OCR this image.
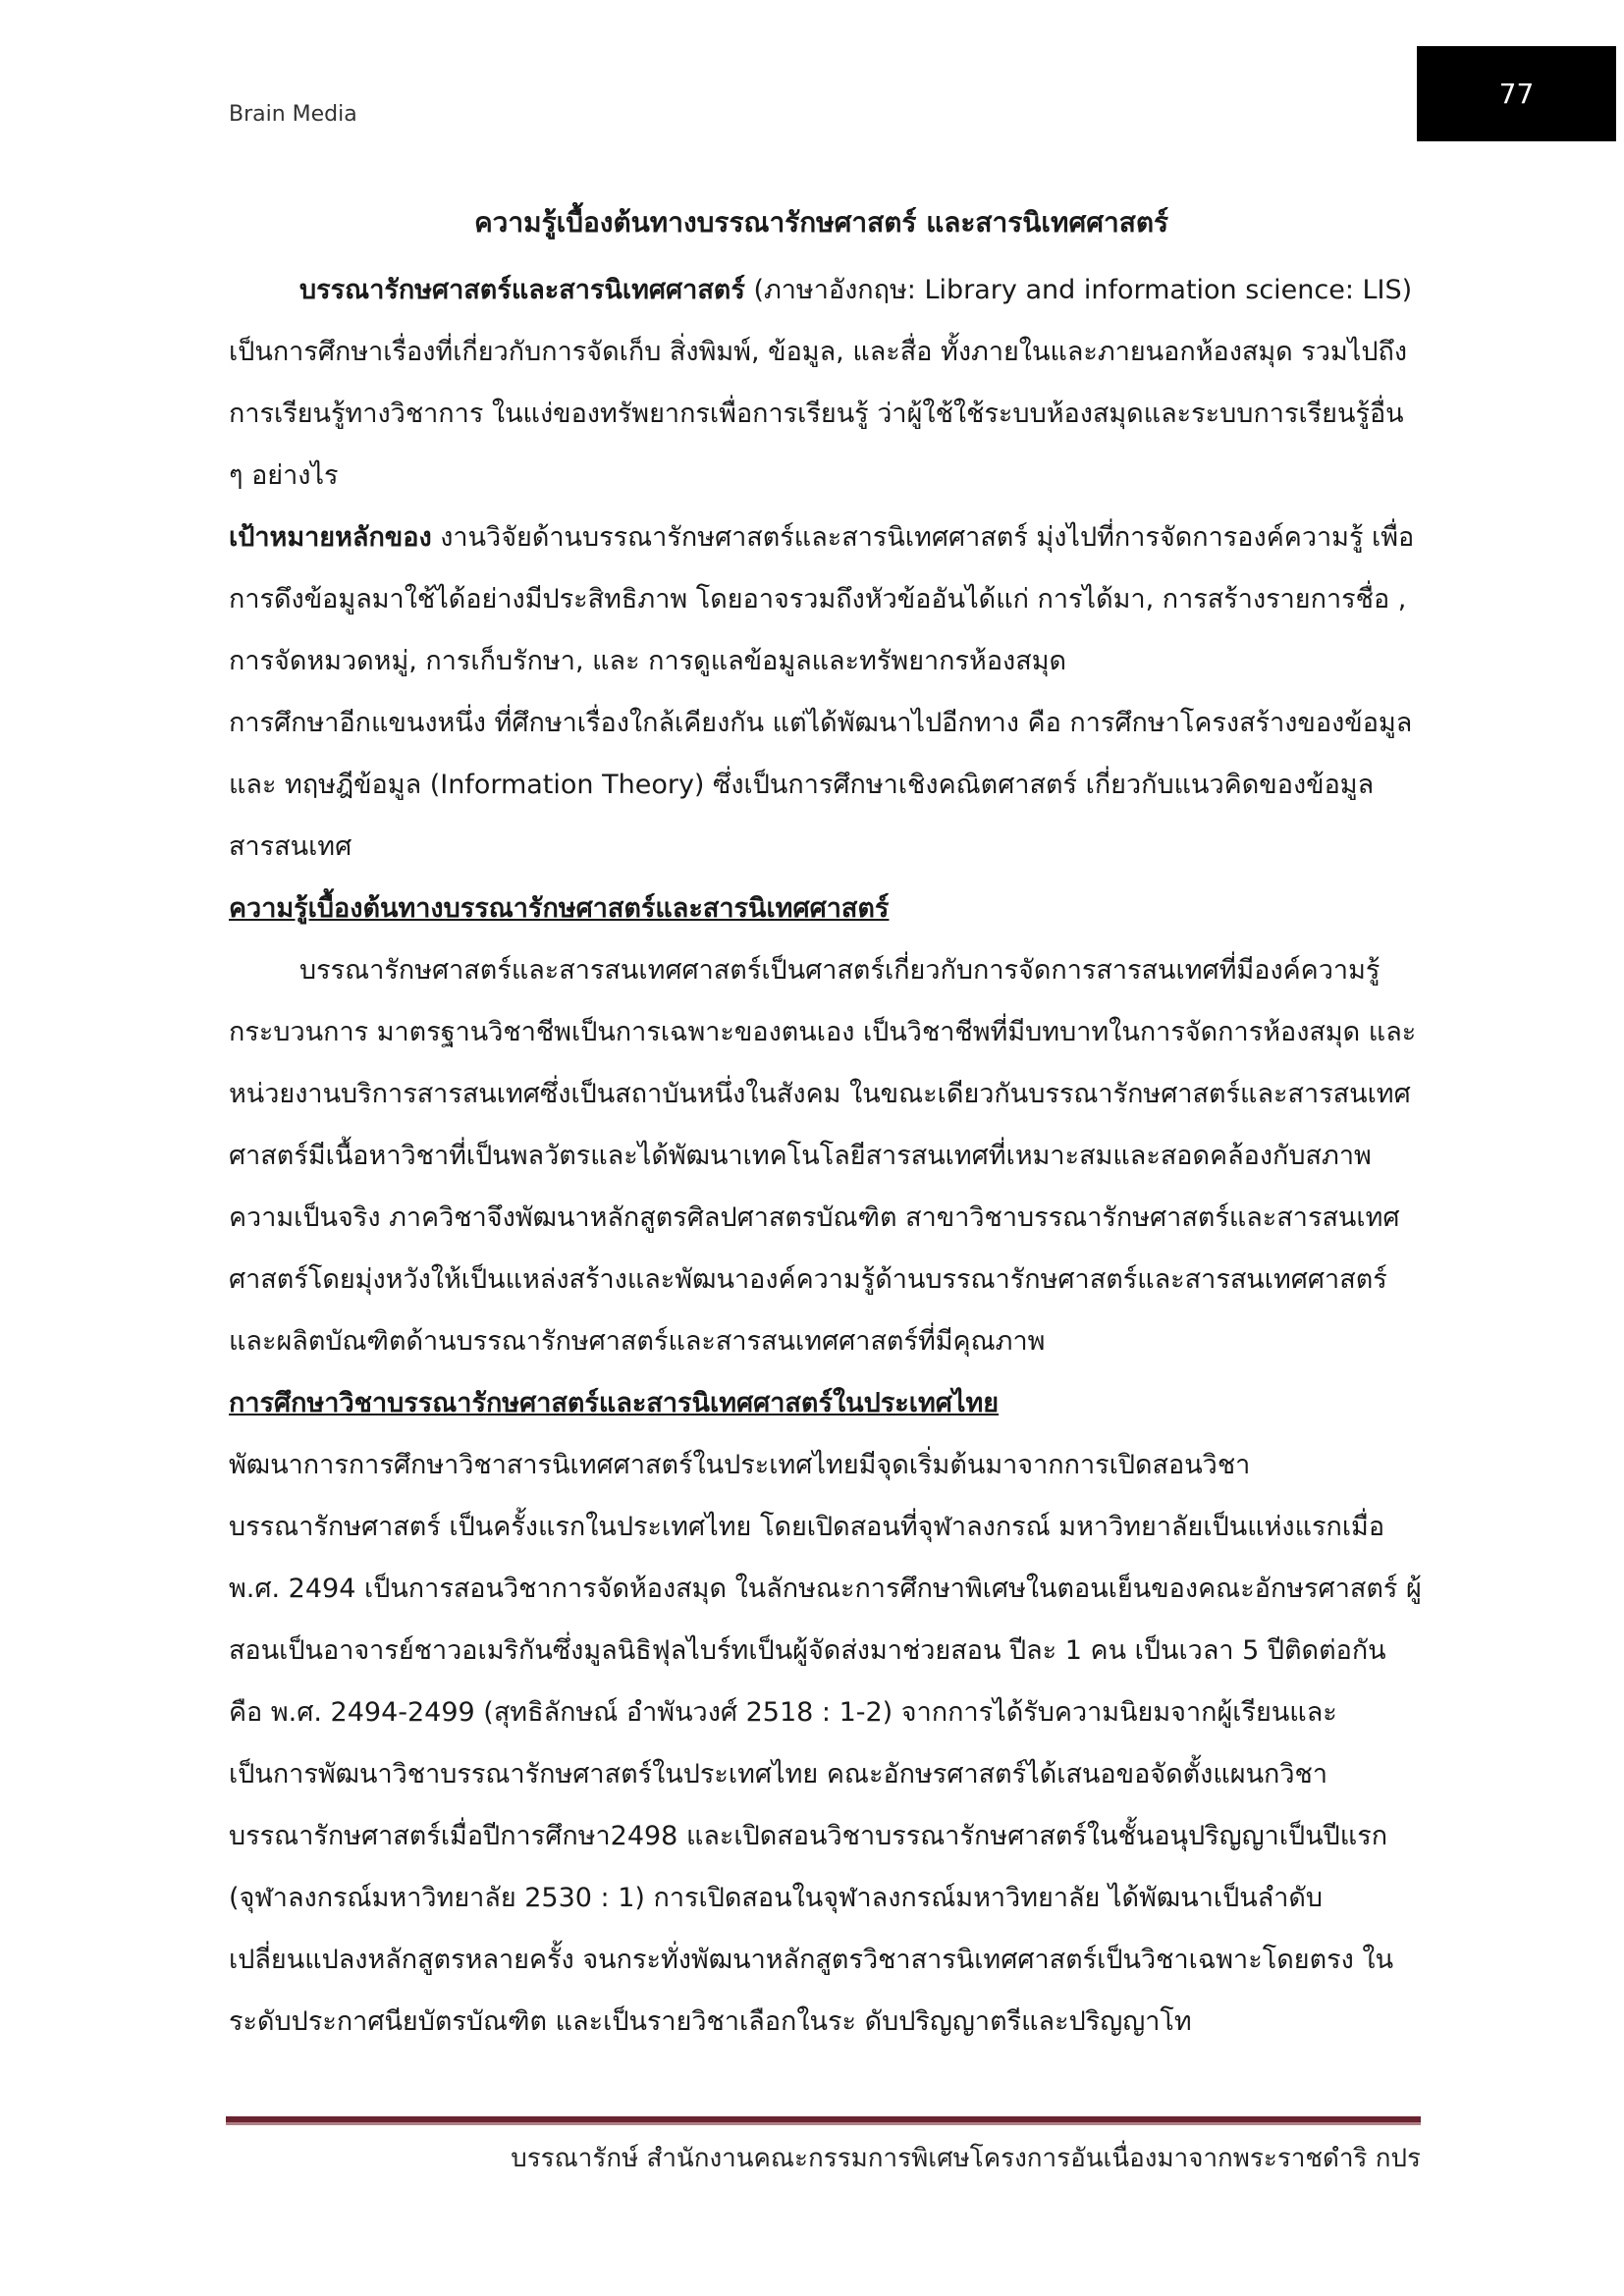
Brain Media
77
ความรู้เบื้องต้นทางบรรณารักษศาสตร์ และสารนิเทศศาสตร์

บรรณารักษศาสตร์และสารนิเทศศาสตร์ (ภาษาอังกฤษ: Library and information science: LIS) เป็นการศึกษาเรื่องที่เกี่ยวกับการจัดเก็บ สิ่งพิมพ์, ข้อมูล, และสื่อ ทั้งภายในและภายนอกห้องสมุด รวมไปถึงการเรียนรู้ทางวิชาการ ในแง่ของทรัพยากรเพื่อการเรียนรู้ ว่าผู้ใช้ใช้ระบบห้องสมุดและระบบการเรียนรู้อื่น ๆ อย่างไร

เป้าหมายหลักของ งานวิจัยด้านบรรณารักษศาสตร์และสารนิเทศศาสตร์ มุ่งไปที่การจัดการองค์ความรู้ เพื่อการดึงข้อมูลมาใช้ได้อย่างมีประสิทธิภาพ โดยอาจรวมถึงหัวข้ออันได้แก่ การได้มา, การสร้างรายการชื่อ , การจัดหมวดหมู่, การเก็บรักษา, และ การดูแลข้อมูลและทรัพยากรห้องสมุด

การศึกษาอีกแขนงหนึ่ง ที่ศึกษาเรื่องใกล้เคียงกัน แต่ได้พัฒนาไปอีกทาง คือ การศึกษาโครงสร้างของข้อมูล และ ทฤษฎีข้อมูล (Information Theory) ซึ่งเป็นการศึกษาเชิงคณิตศาสตร์ เกี่ยวกับแนวคิดของข้อมูลสารสนเทศ

ความรู้เบื้องต้นทางบรรณารักษศาสตร์และสารนิเทศศาสตร์

บรรณารักษศาสตร์และสารสนเทศศาสตร์เป็นศาสตร์เกี่ยวกับการจัดการสารสนเทศที่มีองค์ความรู้ กระบวนการ มาตรฐานวิชาชีพเป็นการเฉพาะของตนเอง เป็นวิชาชีพที่มีบทบาทในการจัดการห้องสมุด และหน่วยงานบริการสารสนเทศซึ่งเป็นสถาบันหนึ่งในสังคม ในขณะเดียวกันบรรณารักษศาสตร์และสารสนเทศศาสตร์มีเนื้อหาวิชาที่เป็นพลวัตรและได้พัฒนาเทคโนโลยีสารสนเทศที่เหมาะสมและสอดคล้องกับสภาพความเป็นจริง ภาควิชาจึงพัฒนาหลักสูตรศิลปศาสตรบัณฑิต สาขาวิชาบรรณารักษศาสตร์และสารสนเทศศาสตร์โดยมุ่งหวังให้เป็นแหล่งสร้างและพัฒนาองค์ความรู้ด้านบรรณารักษศาสตร์และสารสนเทศศาสตร์และผลิตบัณฑิตด้านบรรณารักษศาสตร์และสารสนเทศศาสตร์ที่มีคุณภาพ

การศึกษาวิชาบรรณารักษศาสตร์และสารนิเทศศาสตร์ในประเทศไทย

พัฒนาการการศึกษาวิชาสารนิเทศศาสตร์ในประเทศไทยมีจุดเริ่มต้นมาจากการเปิดสอนวิชาบรรณารักษศาสตร์ เป็นครั้งแรกในประเทศไทย โดยเปิดสอนที่จุฬาลงกรณ์ มหาวิทยาลัยเป็นแห่งแรกเมื่อ พ.ศ. 2494 เป็นการสอนวิชาการจัดห้องสมุด ในลักษณะการศึกษาพิเศษในตอนเย็นของคณะอักษรศาสตร์ ผู้สอนเป็นอาจารย์ชาวอเมริกันซึ่งมูลนิธิฟุลไบร์ทเป็นผู้จัดส่งมาช่วยสอน ปีละ 1 คน เป็นเวลา 5 ปีติดต่อกัน คือ พ.ศ. 2494-2499 (สุทธิลักษณ์ อำพันวงศ์ 2518 : 1-2) จากการได้รับความนิยมจากผู้เรียนและเป็นการพัฒนาวิชาบรรณารักษศาสตร์ในประเทศไทย คณะอักษรศาสตร์ได้เสนอขอจัดตั้งแผนกวิชาบรรณารักษศาสตร์เมื่อปีการศึกษา2498 และเปิดสอนวิชาบรรณารักษศาสตร์ในชั้นอนุปริญญาเป็นปีแรก (จุฬาลงกรณ์มหาวิทยาลัย 2530 : 1) การเปิดสอนในจุฬาลงกรณ์มหาวิทยาลัย ได้พัฒนาเป็นลำดับ เปลี่ยนแปลงหลักสูตรหลายครั้ง จนกระทั่งพัฒนาหลักสูตรวิชาสารนิเทศศาสตร์เป็นวิชาเฉพาะโดยตรง ในระดับประกาศนียบัตรบัณฑิต และเป็นรายวิชาเลือกในระ ดับปริญญาตรีและปริญญาโท

บรรณารักษ์ สำนักงานคณะกรรมการพิเศษโครงการอันเนื่องมาจากพระราชดำริ กปร
